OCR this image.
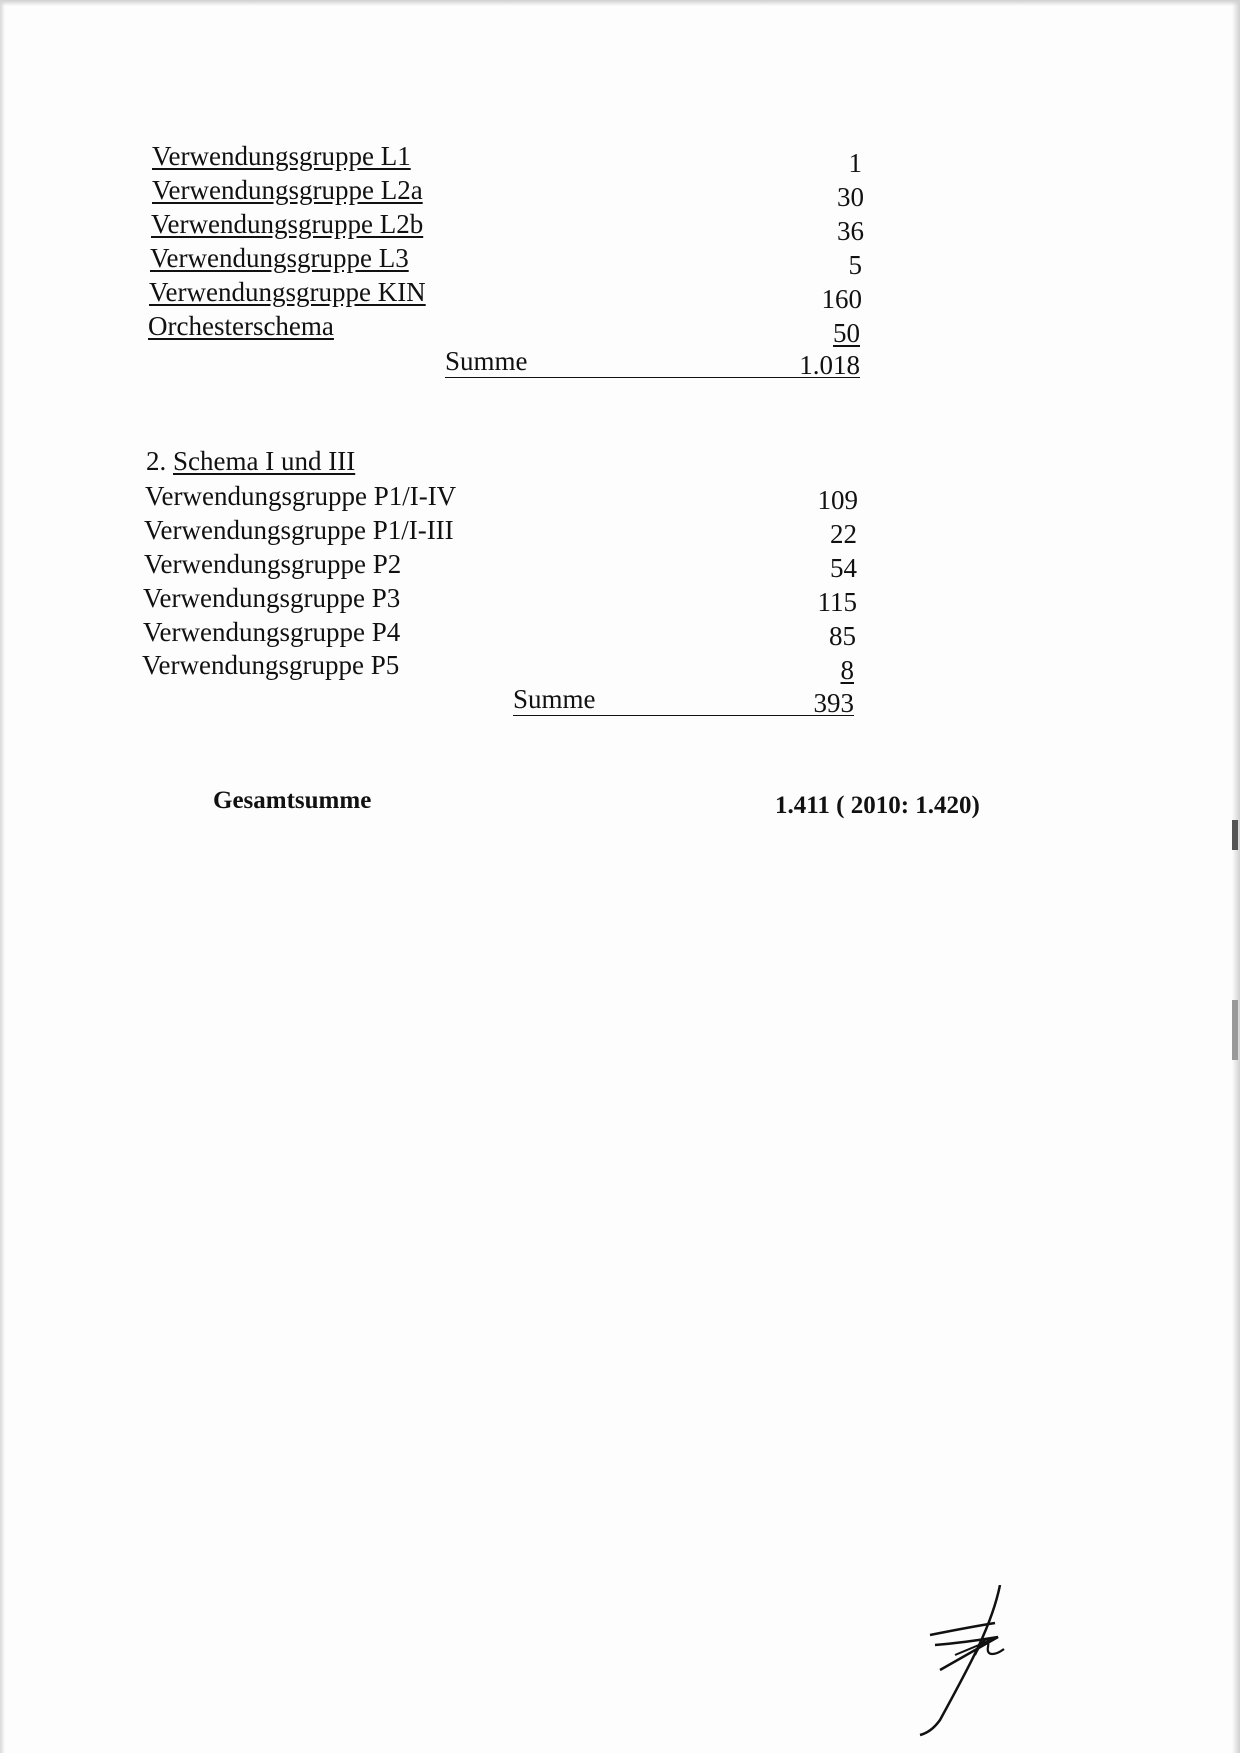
Verwendungsgruppe L1	1
Verwendungsgruppe L2a	30
Verwendungsgruppe L2b	36
Verwendungsgruppe L3	5
Verwendungsgruppe KIN	160
Orchesterschema	50
Summe	1.018
2. Schema I und III
Verwendungsgruppe P1/I-IV	109
Verwendungsgruppe P1/I-III	22
Verwendungsgruppe P2	54
Verwendungsgruppe P3	115
Verwendungsgruppe P4	85
Verwendungsgruppe P5	8
Summe	393
Gesamtsumme	1.411 ( 2010: 1.420)
